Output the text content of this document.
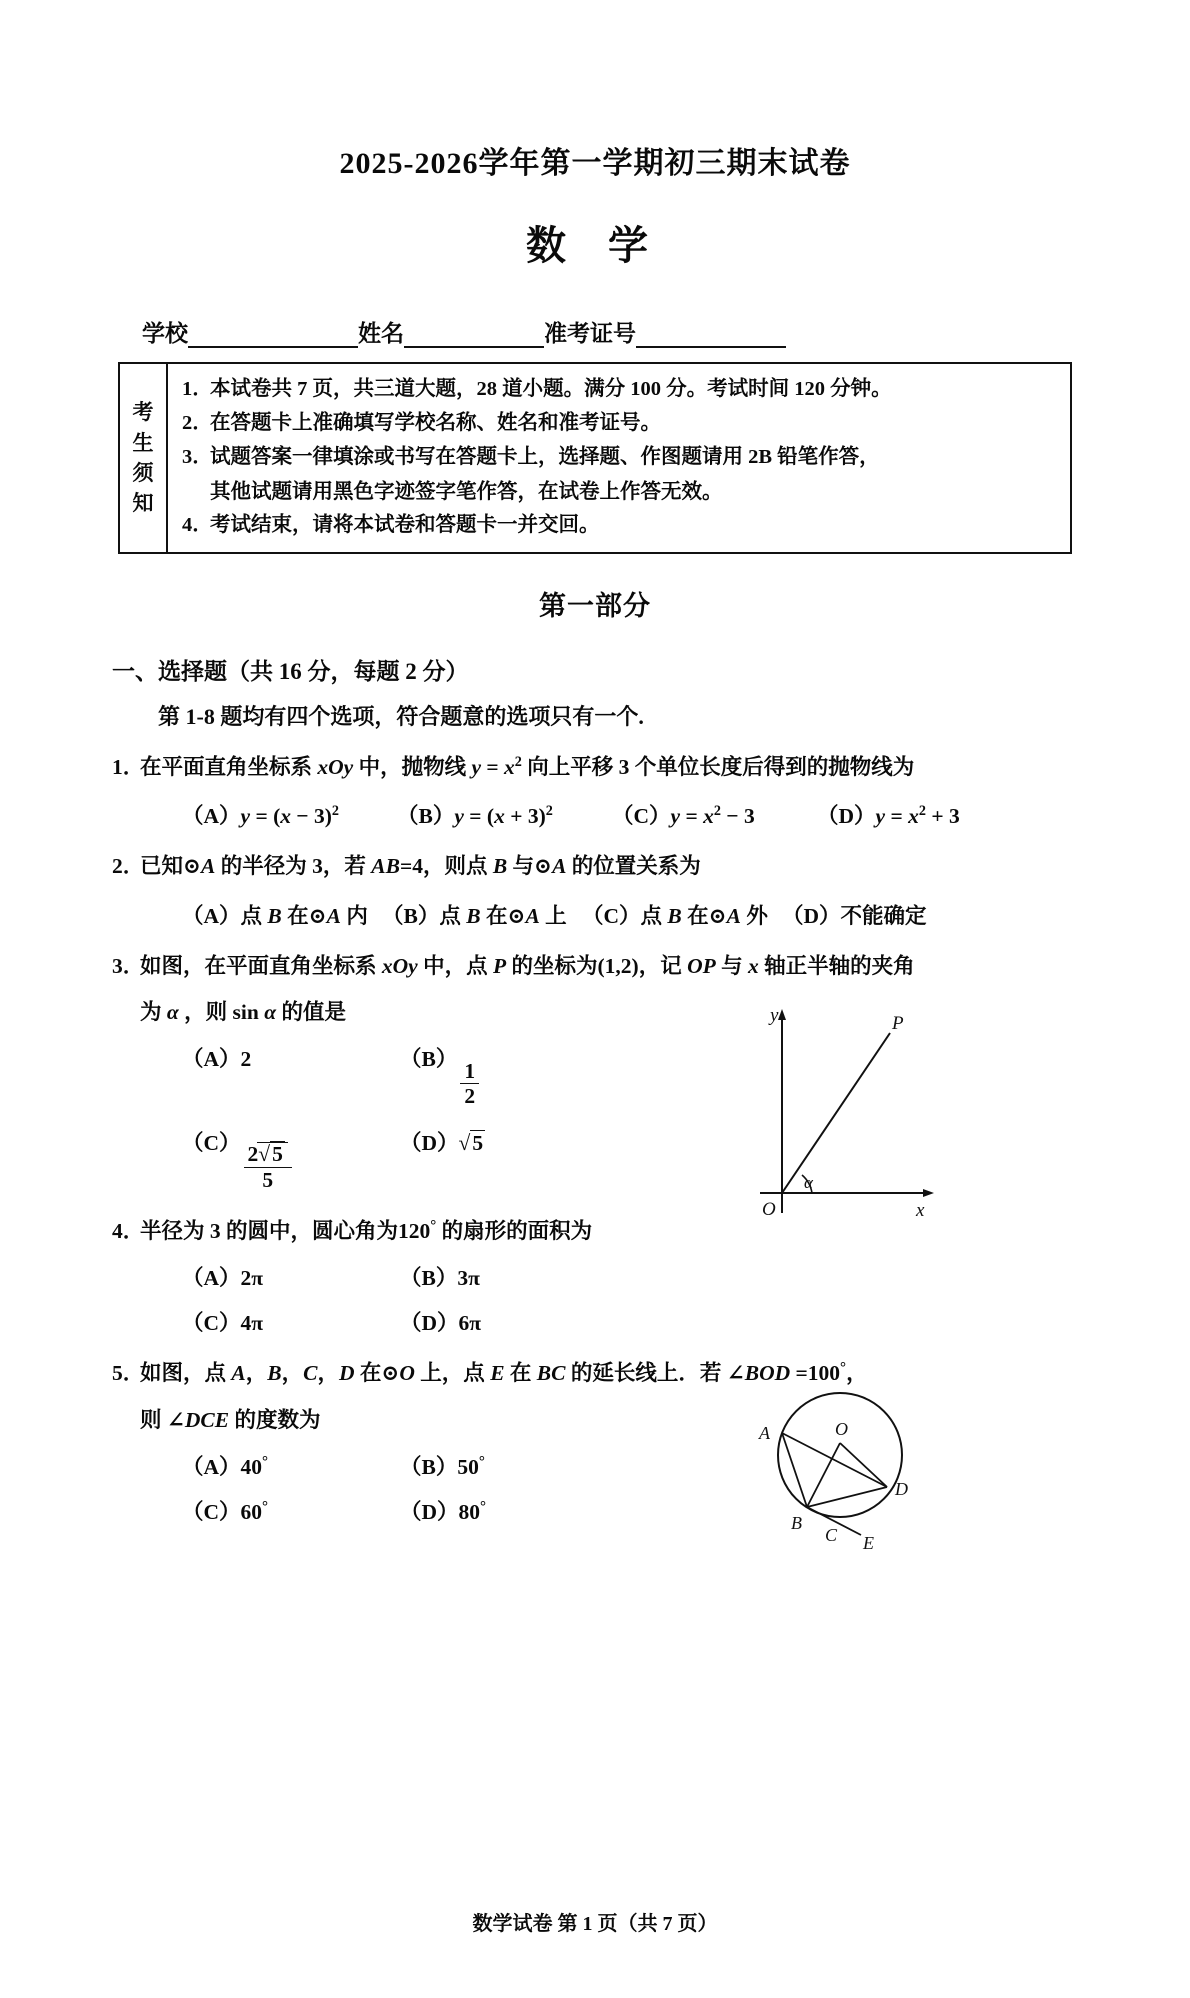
2025-2026学年第一学期初三期末试卷
数 学
学校	姓名	准考证号
考
生
须
知
1．
本试卷共 7 页，共三道大题，28 道小题。满分 100 分。考试时间 120 分钟。
2．
在答题卡上准确填写学校名称、姓名和准考证号。
3．
试题答案一律填涂或书写在答题卡上，选择题、作图题请用 2B 铅笔作答，
其他试题请用黑色字迹签字笔作答，在试卷上作答无效。
4．
考试结束，请将本试卷和答题卡一并交回。
第一部分
一、选择题（共 16 分，每题 2 分）
第 1-8 题均有四个选项，符合题意的选项只有一个.
1．
在平面直角坐标系 xOy 中，抛物线 $y = x^2$ 向上平移 3 个单位长度后得到的抛物线为
$(A)y = (x - 3)^2$	$(B)y = (x + 3)^2$	$(C)y = x^2 - 3$	$(D)y = x^2 + 3$
2．
已知⊙A 的半径为 3，若 AB=4，则点 B 与⊙A 的位置关系为
（A）点 B 在⊙A 内 （B）点 B 在⊙A 上 （C）点 B 在⊙A 外 （D）不能确定
3．
如图，在平面直角坐标系 xOy 中，点 P 的坐标为(1,2)，记 OP 与 x 轴正半轴的夹角
为 α ，则 sin α 的值是
（A）2	（B）
$\frac{1}{2}$
$(C) \frac{2√5}{5}$	（D）√5
4．
半径为 3 的圆中，圆心角为120° 的扇形的面积为
（A）2π	（B）3π
（C）4π	（D）6π
5．
如图，点 A，B，C，D 在⊙O 上，点 E 在 BC 的延长线上．若 ∠BOD =100°，
则 ∠DCE 的度数为
（A）40°	（B）50°
（C）60°	（D）80°
y
x
O
P
α
A	O
D
B
C E
数学试卷 第 1 页（共 7 页）
